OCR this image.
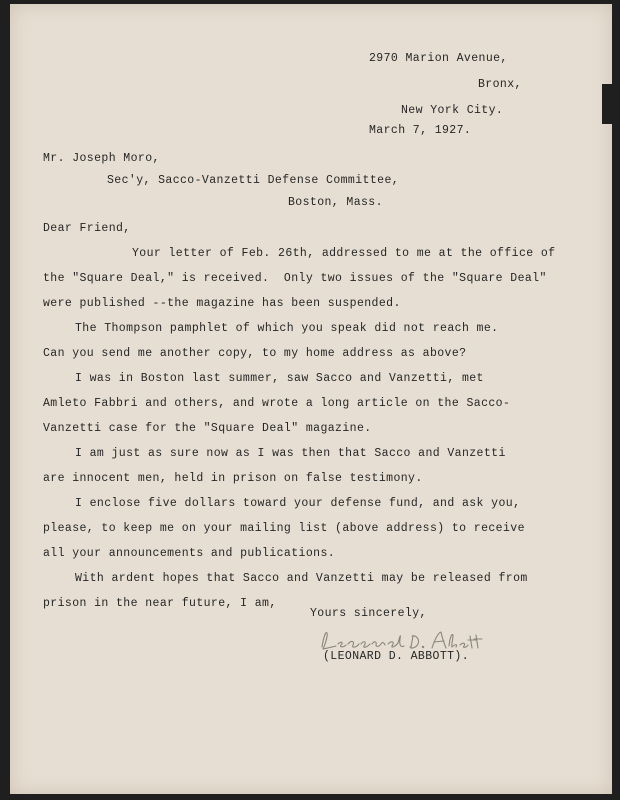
2970 Marion Avenue,
Bronx,
New York City.
March 7, 1927.
Mr. Joseph Moro,
Sec'y, Sacco-Vanzetti Defense Committee,
Boston, Mass.
Dear Friend,
Your letter of Feb. 26th, addressed to me at the office of
the "Square Deal," is received.  Only two issues of the "Square Deal"
were published --the magazine has been suspended.
The Thompson pamphlet of which you speak did not reach me.
Can you send me another copy, to my home address as above?
I was in Boston last summer, saw Sacco and Vanzetti, met
Amleto Fabbri and others, and wrote a long article on the Sacco-
Vanzetti case for the "Square Deal" magazine.
I am just as sure now as I was then that Sacco and Vanzetti
are innocent men, held in prison on false testimony.
I enclose five dollars toward your defense fund, and ask you,
please, to keep me on your mailing list (above address) to receive
all your announcements and publications.
With ardent hopes that Sacco and Vanzetti may be released from
prison in the near future, I am,
Yours sincerely,
(LEONARD D. ABBOTT).
